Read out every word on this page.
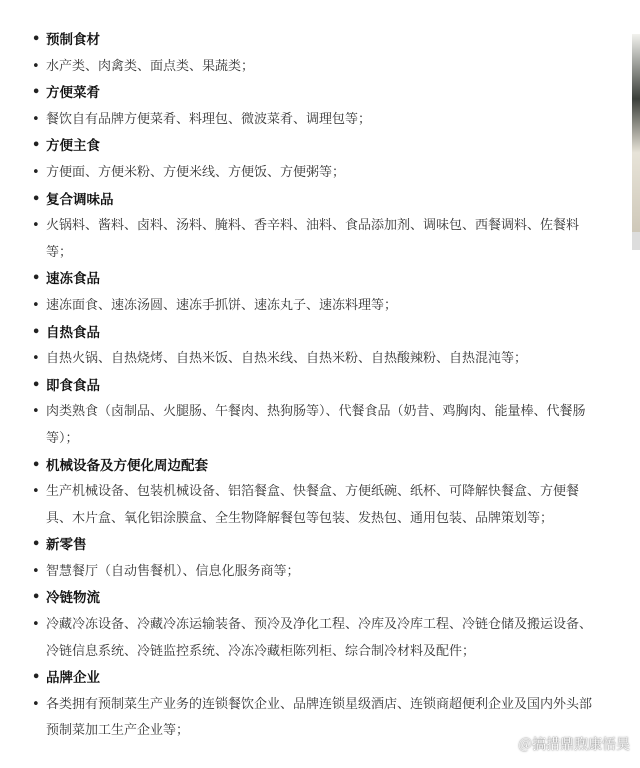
• 预制食材
• 水产类、肉禽类、面点类、果蔬类；
• 方便菜肴
• 餐饮自有品牌方便菜肴、料理包、微波菜肴、调理包等；
• 方便主食
• 方便面、方便米粉、方便米线、方便饭、方便粥等；
• 复合调味品
• 火锅料、酱料、卤料、汤料、腌料、香辛料、油料、食品添加剂、调味包、西餐调料、佐餐料等；
• 速冻食品
• 速冻面食、速冻汤圆、速冻手抓饼、速冻丸子、速冻料理等；
• 自热食品
• 自热火锅、自热烧烤、自热米饭、自热米线、自热米粉、自热酸辣粉、自热混沌等；
• 即食食品
• 肉类熟食（卤制品、火腿肠、午餐肉、热狗肠等）、代餐食品（奶昔、鸡胸肉、能量棒、代餐肠等）；
• 机械设备及方便化周边配套
• 生产机械设备、包装机械设备、铝箔餐盒、快餐盒、方便纸碗、纸杯、可降解快餐盒、方便餐具、木片盒、氧化铝涂膜盒、全生物降解餐包等包装、发热包、通用包装、品牌策划等；
• 新零售
• 智慧餐厅（自动售餐机）、信息化服务商等；
• 冷链物流
• 冷藏冷冻设备、冷藏冷冻运输装备、预冷及净化工程、冷库及冷库工程、冷链仓储及搬运设备、冷链信息系统、冷链监控系统、冷冻冷藏柜陈列柜、综合制冷材料及配件；
• 品牌企业
• 各类拥有预制菜生产业务的连锁餐饮企业、品牌连锁星级酒店、连锁商超便利企业及国内外头部预制菜加工生产企业等；
＠搞措鼎煦康悟昊
